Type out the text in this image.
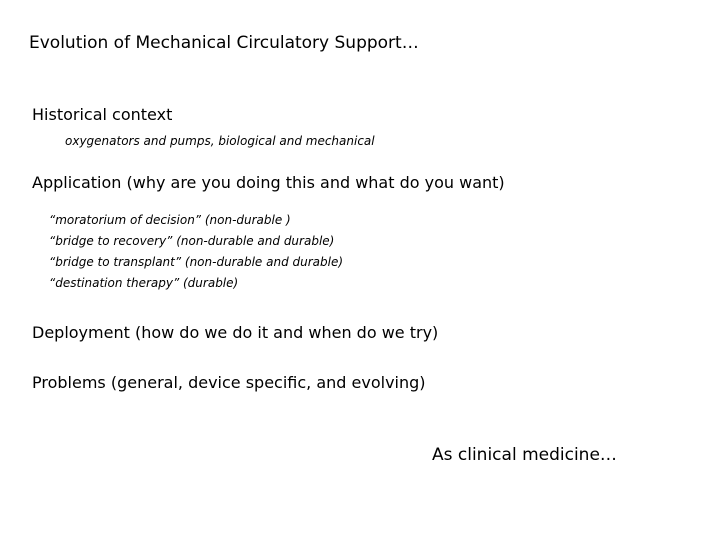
Evolution of Mechanical Circulatory Support…
Historical context
oxygenators and pumps, biological and mechanical
Application (why are you doing this and what do you want)
“moratorium of decision” (non-durable )
“bridge to recovery” (non-durable and durable)
“bridge to transplant” (non-durable and durable)
“destination therapy” (durable)
Deployment (how do we do it and when do we try)
Problems (general, device specific, and evolving)
As clinical medicine…
